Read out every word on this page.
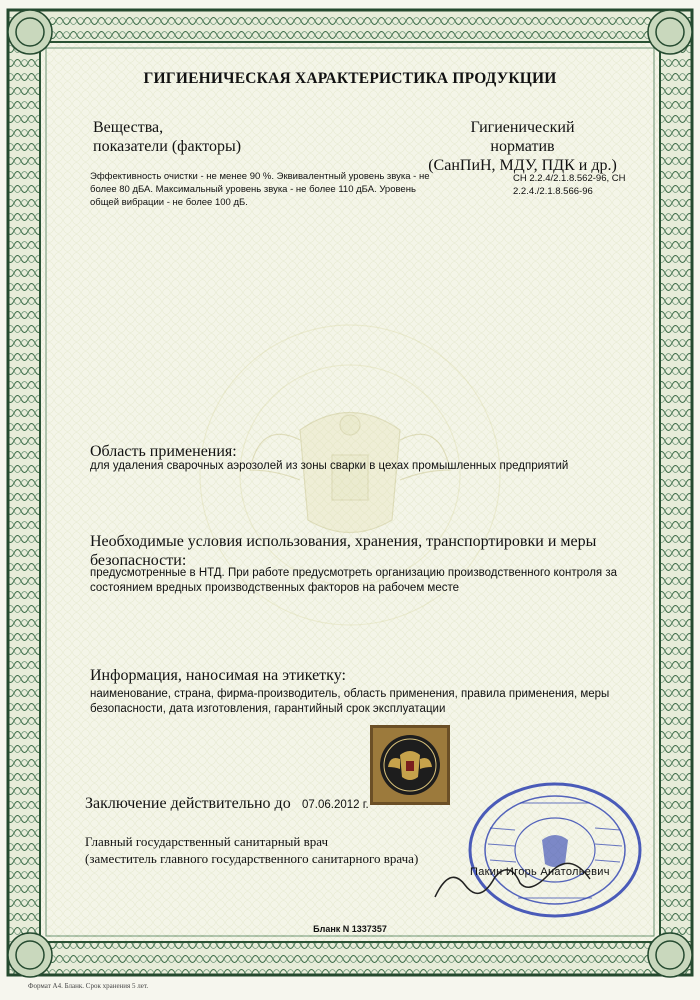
ГИГИЕНИЧЕСКАЯ ХАРАКТЕРИСТИКА ПРОДУКЦИИ
Вещества,
показатели (факторы)
Гигиенический
норматив
(СанПиН, МДУ, ПДК и др.)
Эффективность очистки - не менее 90 %. Эквивалентный уровень звука - не
более 80 дБА. Максимальный уровень звука - не более 110 дБА. Уровень
общей вибрации - не более 100 дБ.
СН 2.2.4/2.1.8.562-96, СН
2.2.4./2.1.8.566-96
Область применения:
для удаления сварочных аэрозолей из зоны сварки в цехах промышленных предприятий
Необходимые условия использования, хранения, транспортировки и меры
безопасности:
предусмотренные в НТД. При работе предусмотреть организацию производственного контроля за
состоянием вредных производственных факторов на рабочем месте
Информация, наносимая на этикетку:
наименование, страна, фирма-производитель, область применения, правила применения, меры
безопасности, дата изготовления, гарантийный срок эксплуатации
Заключение действительно до 07.06.2012 г.
Главный государственный санитарный врач
(заместитель главного государственного санитарного врача)
Пакин Игорь Анатольевич
Бланк N 1337357
Формат А4. Бланк. Срок хранения 5 лет.
